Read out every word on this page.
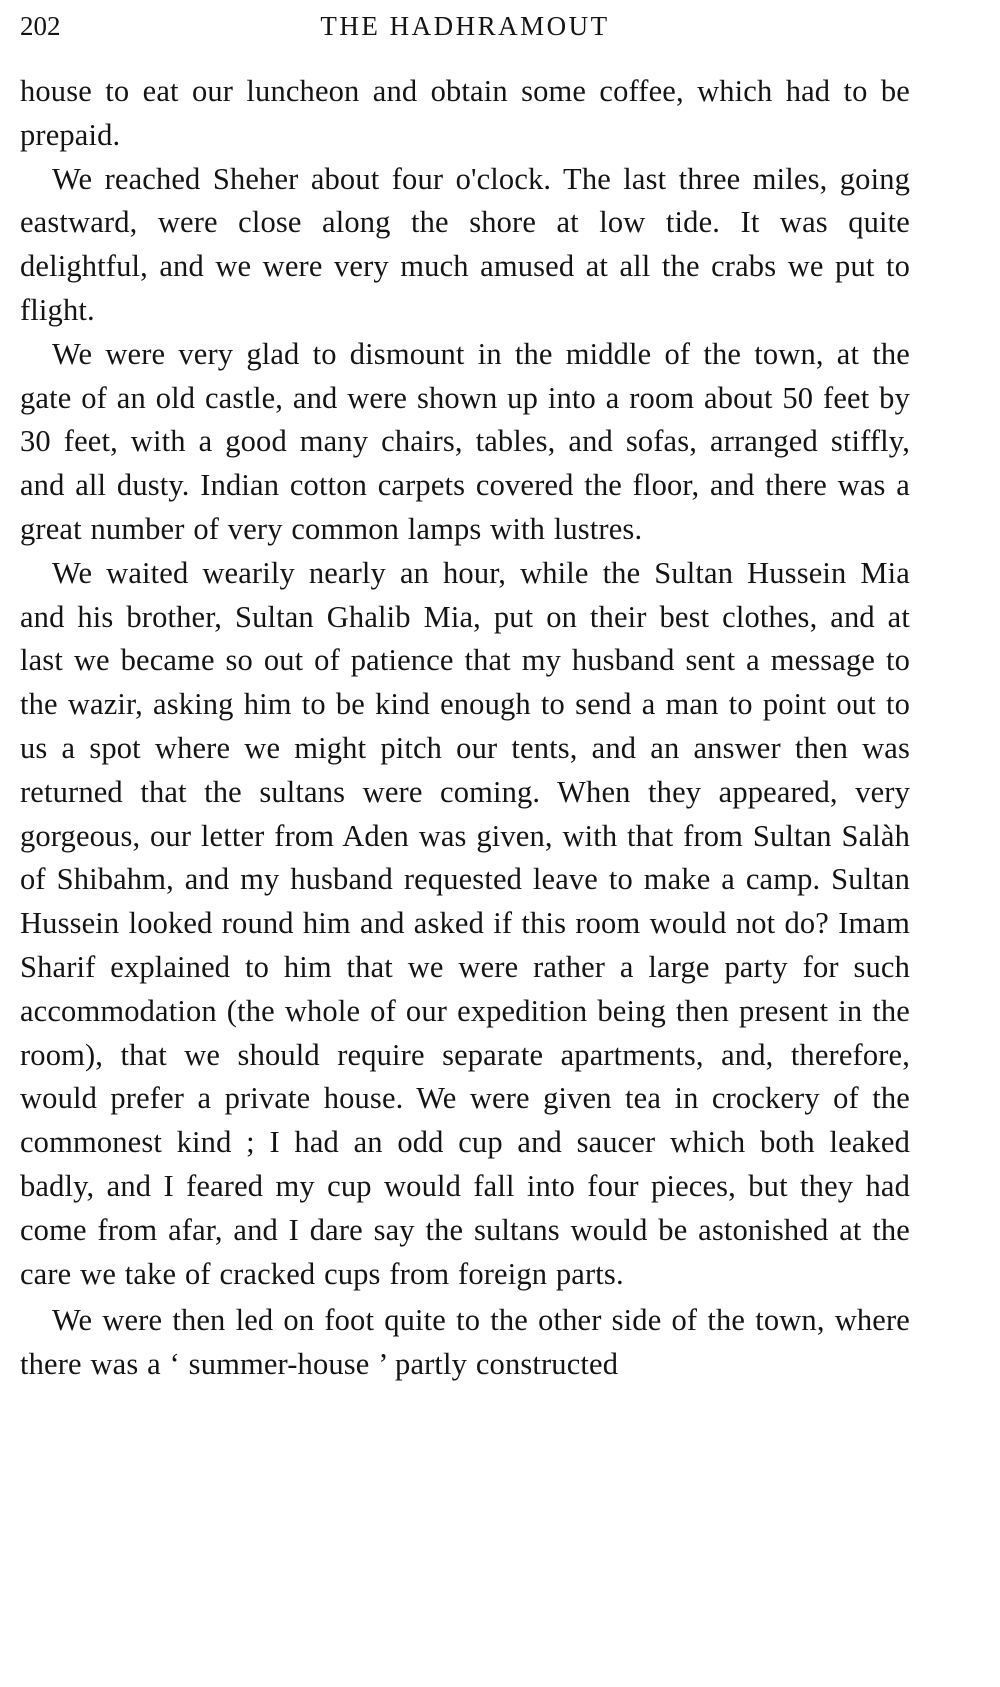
202	THE HADHRAMOUT

house to eat our luncheon and obtain some coffee, which had to be prepaid.

We reached Sheher about four o'clock. The last three miles, going eastward, were close along the shore at low tide. It was quite delightful, and we were very much amused at all the crabs we put to flight.

We were very glad to dismount in the middle of the town, at the gate of an old castle, and were shown up into a room about 50 feet by 30 feet, with a good many chairs, tables, and sofas, arranged stiffly, and all dusty. Indian cotton carpets covered the floor, and there was a great number of very common lamps with lustres.

We waited wearily nearly an hour, while the Sultan Hussein Mia and his brother, Sultan Ghalib Mia, put on their best clothes, and at last we became so out of patience that my husband sent a message to the wazir, asking him to be kind enough to send a man to point out to us a spot where we might pitch our tents, and an answer then was returned that the sultans were coming. When they appeared, very gorgeous, our letter from Aden was given, with that from Sultan Salàh of Shibahm, and my husband requested leave to make a camp. Sultan Hussein looked round him and asked if this room would not do? Imam Sharif explained to him that we were rather a large party for such accommodation (the whole of our expedition being then present in the room), that we should require separate apartments, and, therefore, would prefer a private house. We were given tea in crockery of the commonest kind ; I had an odd cup and saucer which both leaked badly, and I feared my cup would fall into four pieces, but they had come from afar, and I dare say the sultans would be astonished at the care we take of cracked cups from foreign parts.

We were then led on foot quite to the other side of the town, where there was a ‘ summer-house ’ partly constructed
